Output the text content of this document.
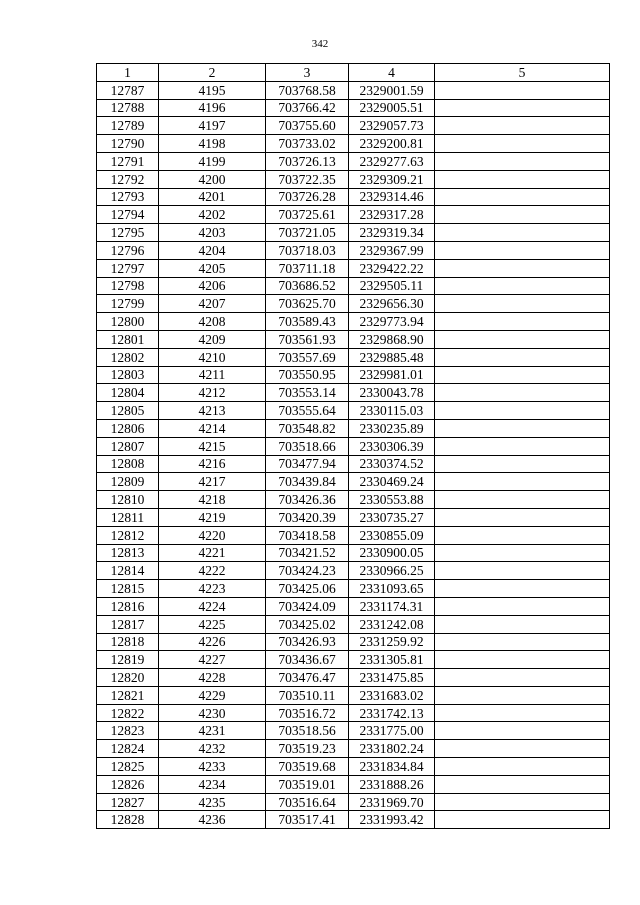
342
1	2	3	4	5
12787	4195	703768.58	2329001.59	
12788	4196	703766.42	2329005.51	
12789	4197	703755.60	2329057.73	
12790	4198	703733.02	2329200.81	
12791	4199	703726.13	2329277.63	
12792	4200	703722.35	2329309.21	
12793	4201	703726.28	2329314.46	
12794	4202	703725.61	2329317.28	
12795	4203	703721.05	2329319.34	
12796	4204	703718.03	2329367.99	
12797	4205	703711.18	2329422.22	
12798	4206	703686.52	2329505.11	
12799	4207	703625.70	2329656.30	
12800	4208	703589.43	2329773.94	
12801	4209	703561.93	2329868.90	
12802	4210	703557.69	2329885.48	
12803	4211	703550.95	2329981.01	
12804	4212	703553.14	2330043.78	
12805	4213	703555.64	2330115.03	
12806	4214	703548.82	2330235.89	
12807	4215	703518.66	2330306.39	
12808	4216	703477.94	2330374.52	
12809	4217	703439.84	2330469.24	
12810	4218	703426.36	2330553.88	
12811	4219	703420.39	2330735.27	
12812	4220	703418.58	2330855.09	
12813	4221	703421.52	2330900.05	
12814	4222	703424.23	2330966.25	
12815	4223	703425.06	2331093.65	
12816	4224	703424.09	2331174.31	
12817	4225	703425.02	2331242.08	
12818	4226	703426.93	2331259.92	
12819	4227	703436.67	2331305.81	
12820	4228	703476.47	2331475.85	
12821	4229	703510.11	2331683.02	
12822	4230	703516.72	2331742.13	
12823	4231	703518.56	2331775.00	
12824	4232	703519.23	2331802.24	
12825	4233	703519.68	2331834.84	
12826	4234	703519.01	2331888.26	
12827	4235	703516.64	2331969.70	
12828	4236	703517.41	2331993.42	
